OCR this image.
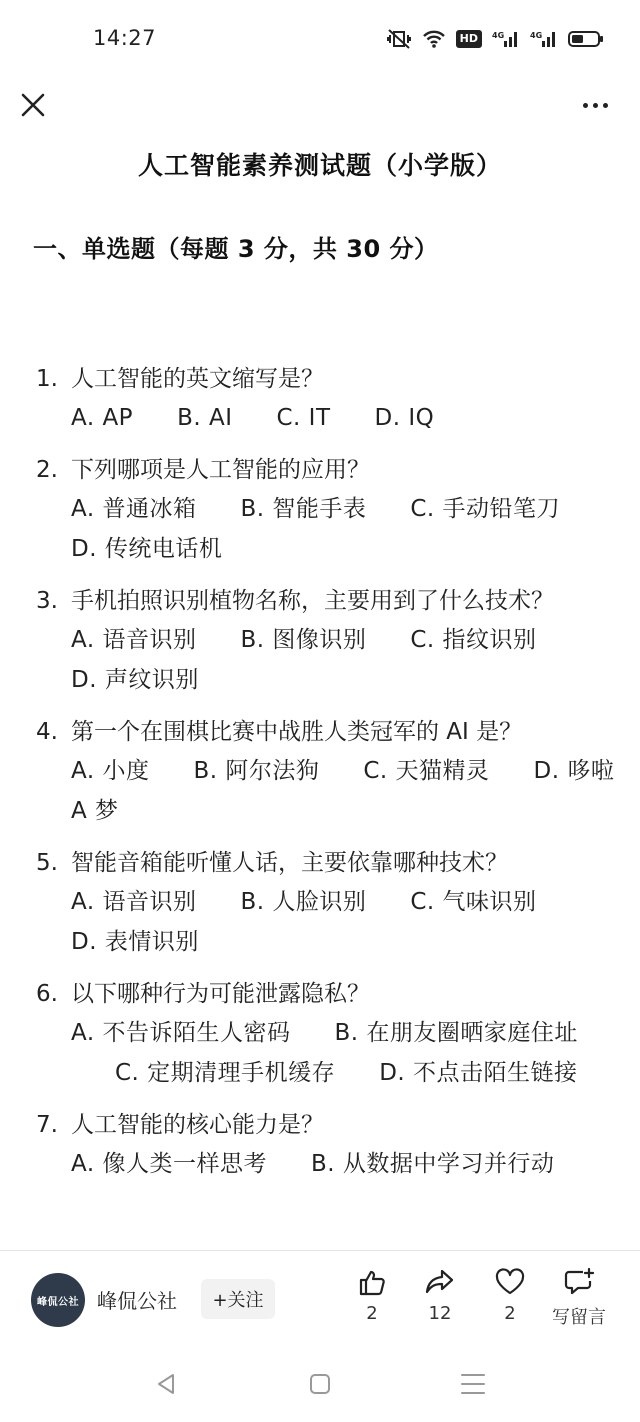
14:27	HD	4G	4G
人工智能素养测试题（小学版）
一、单选题（每题 3 分，共 30 分）
1. 人工智能的英文缩写是？
A. AP B. AI C. IT D. IQ
2. 下列哪项是人工智能的应用？
A. 普通冰箱 B. 智能手表 C. 手动铅笔刀
D. 传统电话机
3. 手机拍照识别植物名称，主要用到了什么技术？
A. 语音识别 B. 图像识别 C. 指纹识别
D. 声纹识别
4. 第一个在围棋比赛中战胜人类冠军的 AI 是？
A. 小度 B. 阿尔法狗 C. 天猫精灵 D. 哆啦 A 梦
5. 智能音箱能听懂人话，主要依靠哪种技术？
A. 语音识别 B. 人脸识别 C. 气味识别
D. 表情识别
6. 以下哪种行为可能泄露隐私？
A. 不告诉陌生人密码 B. 在朋友圈晒家庭住址C. 定期清理手机缓存 D. 不点击陌生链接
7. 人工智能的核心能力是？
A. 像人类一样思考 B. 从数据中学习并行动
峰侃公社 峰侃公社	+关注
2	12	2 写留言
